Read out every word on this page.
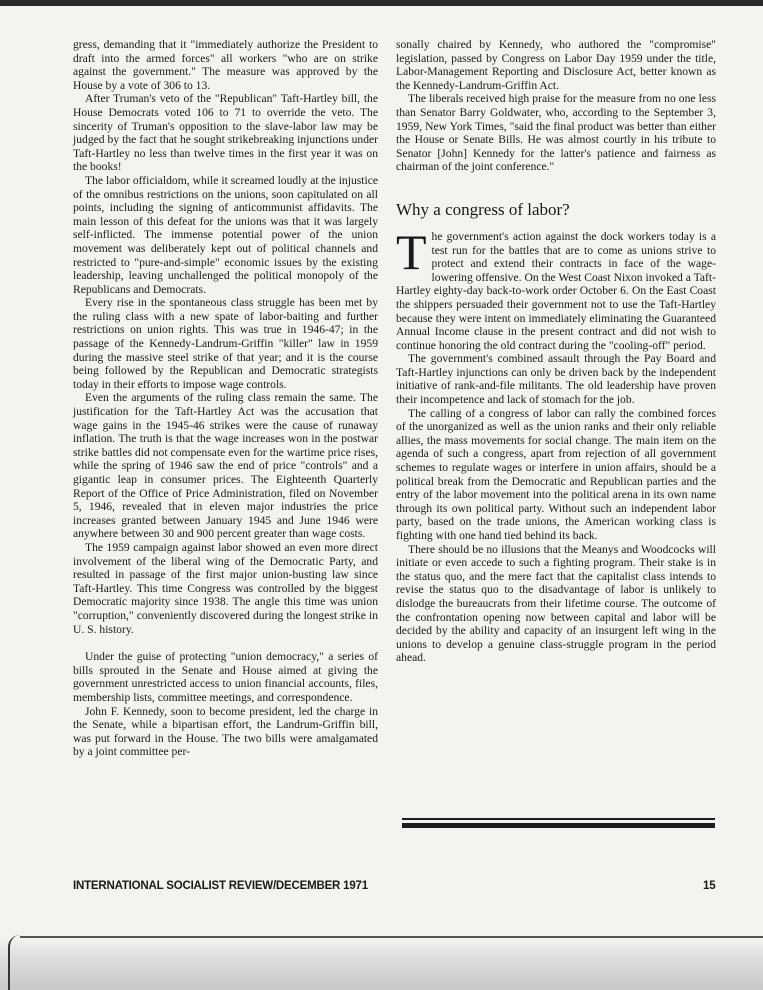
gress, demanding that it "immediately authorize the President to draft into the armed forces" all workers "who are on strike against the government." The measure was approved by the House by a vote of 306 to 13.

After Truman's veto of the "Republican" Taft-Hartley bill, the House Democrats voted 106 to 71 to override the veto. The sincerity of Truman's opposition to the slave-labor law may be judged by the fact that he sought strikebreaking injunctions under Taft-Hartley no less than twelve times in the first year it was on the books!

The labor officialdom, while it screamed loudly at the injustice of the omnibus restrictions on the unions, soon capitulated on all points, including the signing of anticommunist affidavits. The main lesson of this defeat for the unions was that it was largely self-inflicted. The immense potential power of the union movement was deliberately kept out of political channels and restricted to "pure-and-simple" economic issues by the existing leadership, leaving unchallenged the political monopoly of the Republicans and Democrats.

Every rise in the spontaneous class struggle has been met by the ruling class with a new spate of labor-baiting and further restrictions on union rights. This was true in 1946-47; in the passage of the Kennedy-Landrum-Griffin "killer" law in 1959 during the massive steel strike of that year; and it is the course being followed by the Republican and Democratic strategists today in their efforts to impose wage controls.

Even the arguments of the ruling class remain the same. The justification for the Taft-Hartley Act was the accusation that wage gains in the 1945-46 strikes were the cause of runaway inflation. The truth is that the wage increases won in the postwar strike battles did not compensate even for the wartime price rises, while the spring of 1946 saw the end of price "controls" and a gigantic leap in consumer prices. The Eighteenth Quarterly Report of the Office of Price Administration, filed on November 5, 1946, revealed that in eleven major industries the price increases granted between January 1945 and June 1946 were anywhere between 30 and 900 percent greater than wage costs.

The 1959 campaign against labor showed an even more direct involvement of the liberal wing of the Democratic Party, and resulted in passage of the first major union-busting law since Taft-Hartley. This time Congress was controlled by the biggest Democratic majority since 1938. The angle this time was union "corruption," conveniently discovered during the longest strike in U. S. history.

Under the guise of protecting "union democracy," a series of bills sprouted in the Senate and House aimed at giving the government unrestricted access to union financial accounts, files, membership lists, committee meetings, and correspondence.

John F. Kennedy, soon to become president, led the charge in the Senate, while a bipartisan effort, the Landrum-Griffin bill, was put forward in the House. The two bills were amalgamated by a joint committee per-

sonally chaired by Kennedy, who authored the "compromise" legislation, passed by Congress on Labor Day 1959 under the title, Labor-Management Reporting and Disclosure Act, better known as the Kennedy-Landrum-Griffin Act.

The liberals received high praise for the measure from no one less than Senator Barry Goldwater, who, according to the September 3, 1959, New York Times, "said the final product was better than either the House or Senate Bills. He was almost courtly in his tribute to Senator [John] Kennedy for the latter's patience and fairness as chairman of the joint conference."

Why a congress of labor?

The government's action against the dock workers today is a test run for the battles that are to come as unions strive to protect and extend their contracts in face of the wage-lowering offensive. On the West Coast Nixon invoked a Taft-Hartley eighty-day back-to-work order October 6. On the East Coast the shippers persuaded their government not to use the Taft-Hartley because they were intent on immediately eliminating the Guaranteed Annual Income clause in the present contract and did not wish to continue honoring the old contract during the "cooling-off" period.

The government's combined assault through the Pay Board and Taft-Hartley injunctions can only be driven back by the independent initiative of rank-and-file militants. The old leadership have proven their incompetence and lack of stomach for the job.

The calling of a congress of labor can rally the combined forces of the unorganized as well as the union ranks and their only reliable allies, the mass movements for social change. The main item on the agenda of such a congress, apart from rejection of all government schemes to regulate wages or interfere in union affairs, should be a political break from the Democratic and Republican parties and the entry of the labor movement into the political arena in its own name through its own political party. Without such an independent labor party, based on the trade unions, the American working class is fighting with one hand tied behind its back.

There should be no illusions that the Meanys and Woodcocks will initiate or even accede to such a fighting program. Their stake is in the status quo, and the mere fact that the capitalist class intends to revise the status quo to the disadvantage of labor is unlikely to dislodge the bureaucrats from their lifetime course. The outcome of the confrontation opening now between capital and labor will be decided by the ability and capacity of an insurgent left wing in the unions to develop a genuine class-struggle program in the period ahead.

INTERNATIONAL SOCIALIST REVIEW/DECEMBER 1971	15
